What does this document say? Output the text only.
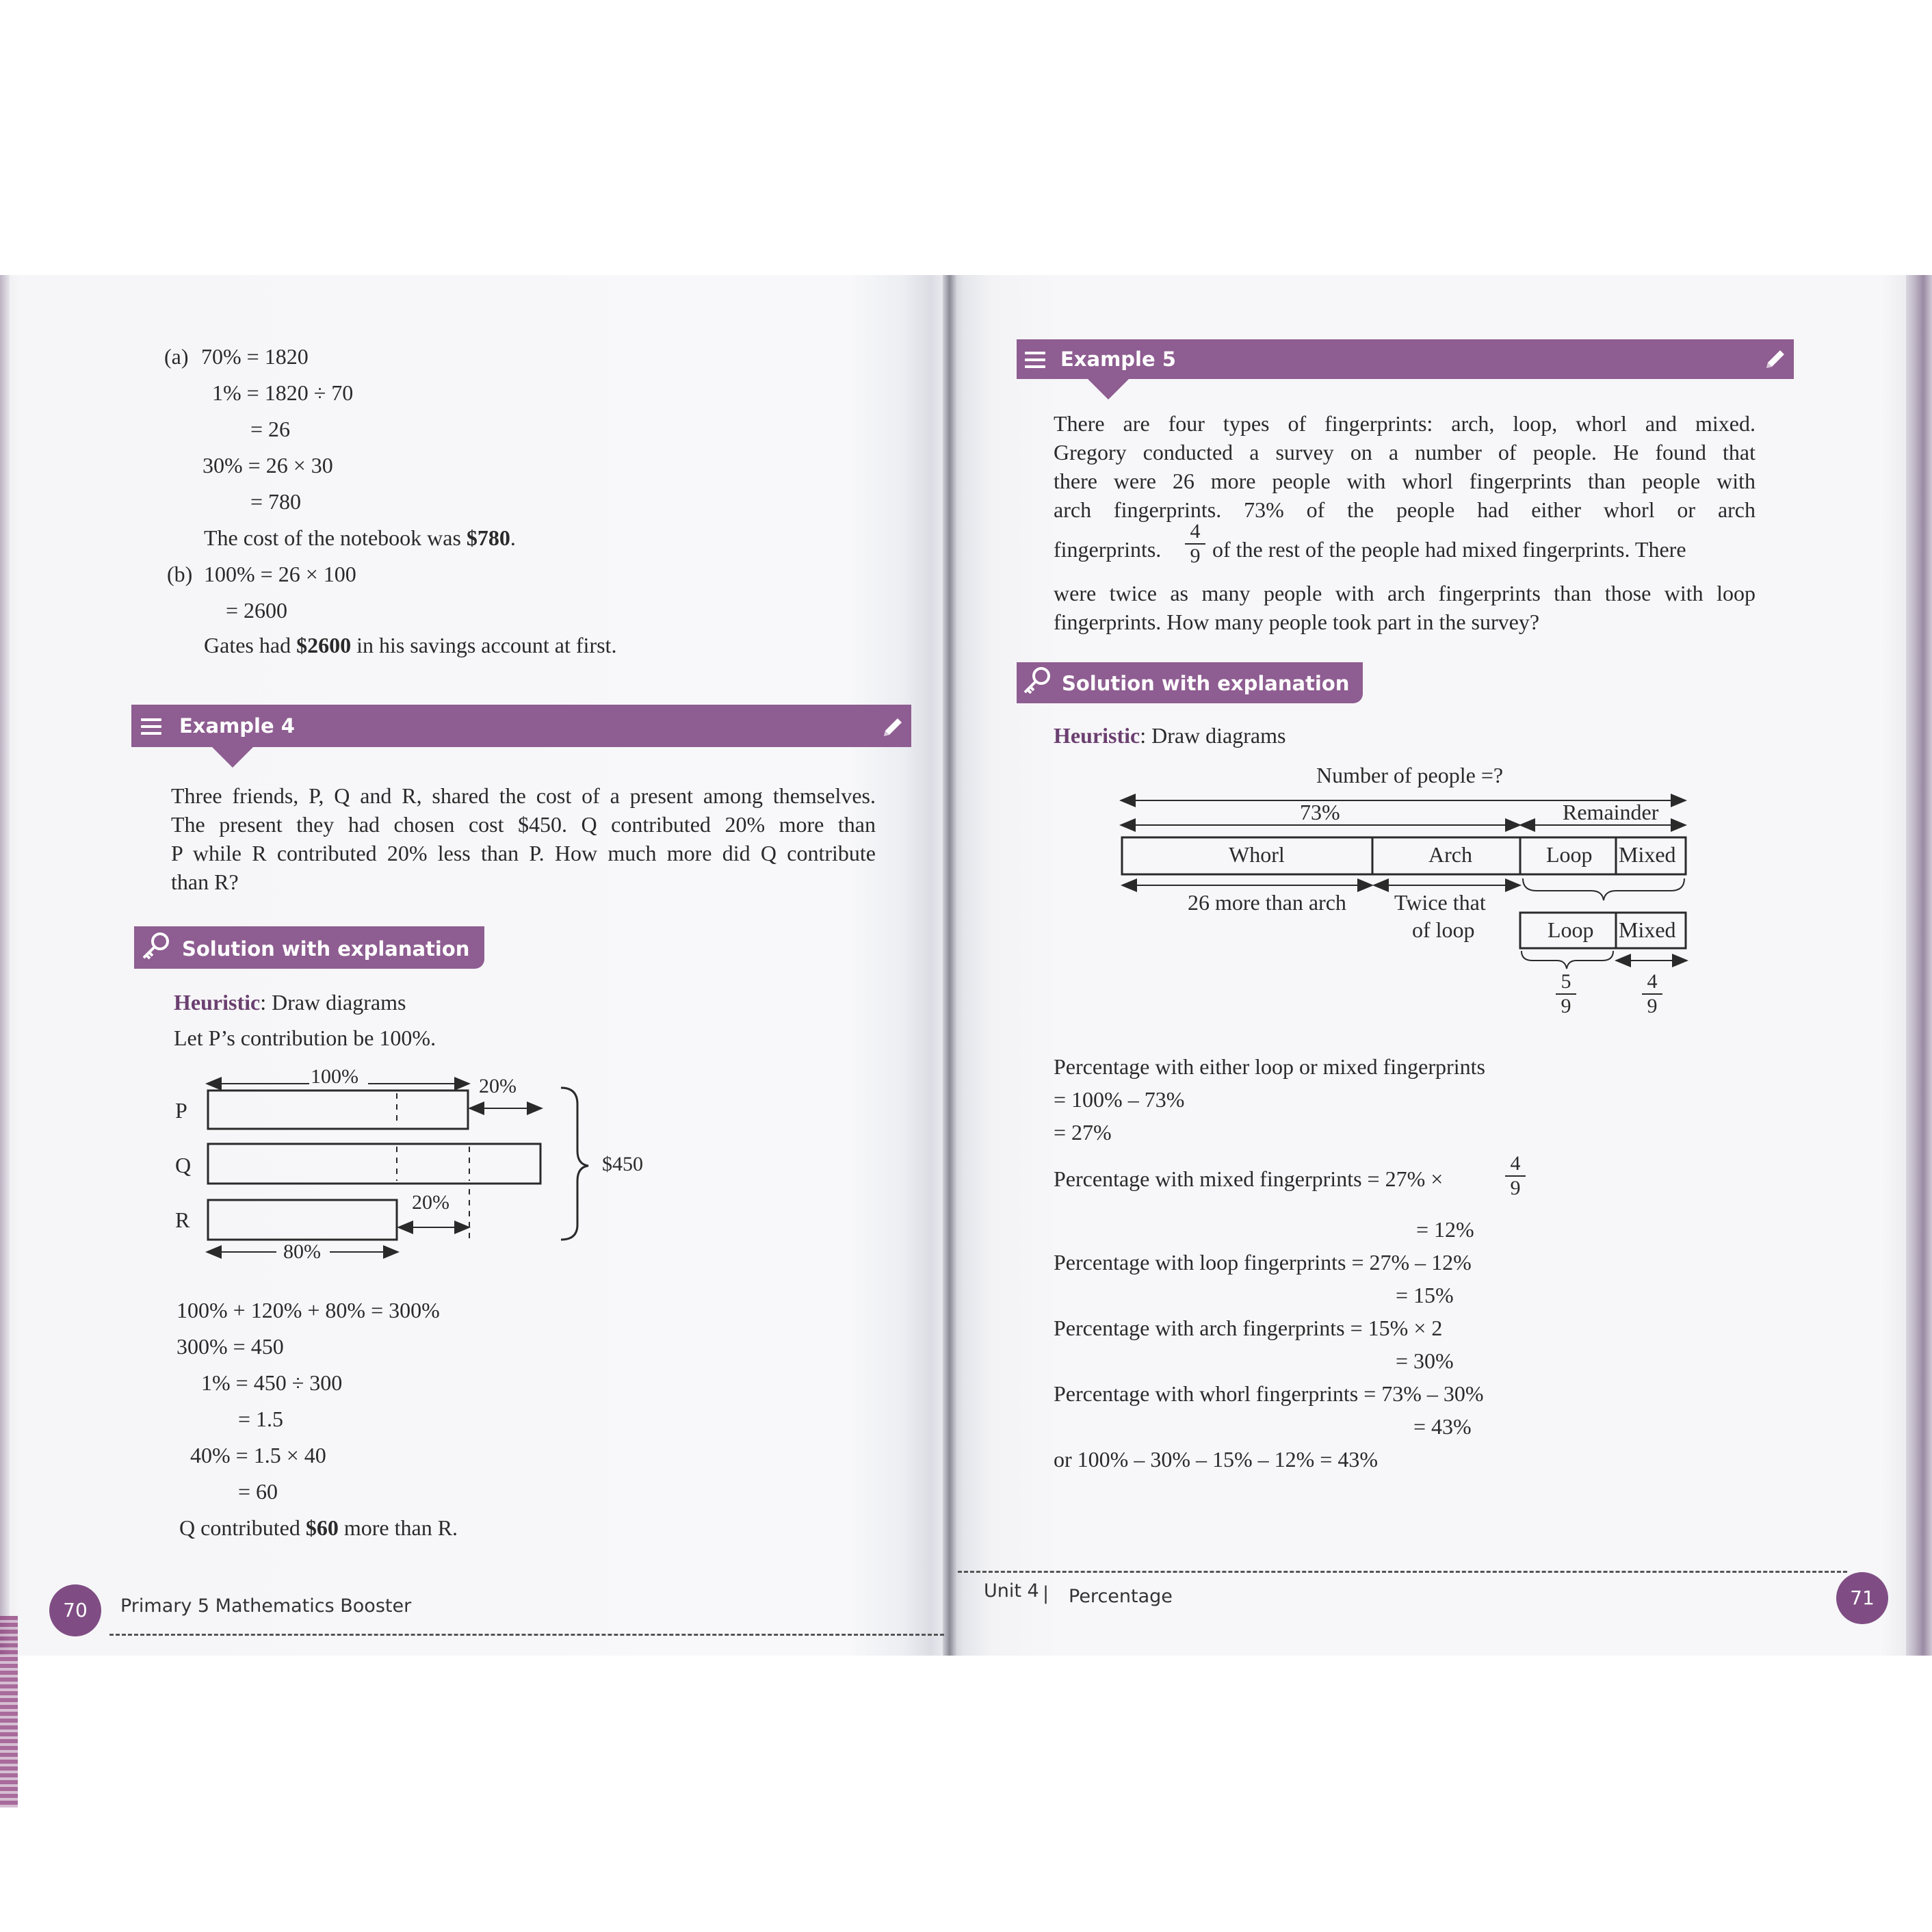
(a) 70% = 1820
1% = 1820 ÷ 70
= 26
30% = 26 × 30
= 780
The cost of the notebook was $780.
(b) 100% = 26 × 100
= 2600
Gates had $2600 in his savings account at first.
Example 4
Three friends, P, Q and R, shared the cost of a present among themselves.
The present they had chosen cost $450. Q contributed 20% more than
P while R contributed 20% less than P. How much more did Q contribute
than R?
Solution with explanation
Heuristic: Draw diagrams
Let P’s contribution be 100%.
100%	20%
20%
80%
P
Q
R
$450
100% + 120% + 80% = 300%
300% = 450
1% = 450 ÷ 300
= 1.5
40% = 1.5 × 40
= 60
Q contributed $60 more than R.
70	Primary 5 Mathematics Booster
Example 5
There are four types of fingerprints: arch, loop, whorl and mixed.
Gregory conducted a survey on a number of people. He found that
there were 26 more people with whorl fingerprints than people with
arch fingerprints. 73% of the people had either whorl or arch
fingerprints. $\frac{4}{9}$ of the rest of the people had mixed fingerprints. There
were twice as many people with arch fingerprints than those with loop
fingerprints. How many people took part in the survey?
Solution with explanation
Heuristic: Draw diagrams
Number of people =?
73%	Remainder
Whorl	Arch	Loop Mixed
26 more than arch Twice that
of loop	Loop Mixed
$\frac{5}{9}$	$\frac{4}{9}$
Percentage with either loop or mixed fingerprints
= 100% – 73%
= 27%
Percentage with mixed fingerprints = 27% ×	$\frac{4}{9}$
= 12%
Percentage with loop fingerprints = 27% – 12%
= 15%
Percentage with arch fingerprints = 15% × 2
= 30%
Percentage with whorl fingerprints = 73% – 30%
= 43%
or 100% – 30% – 15% – 12% = 43%
Unit 4 | Percentage	71
